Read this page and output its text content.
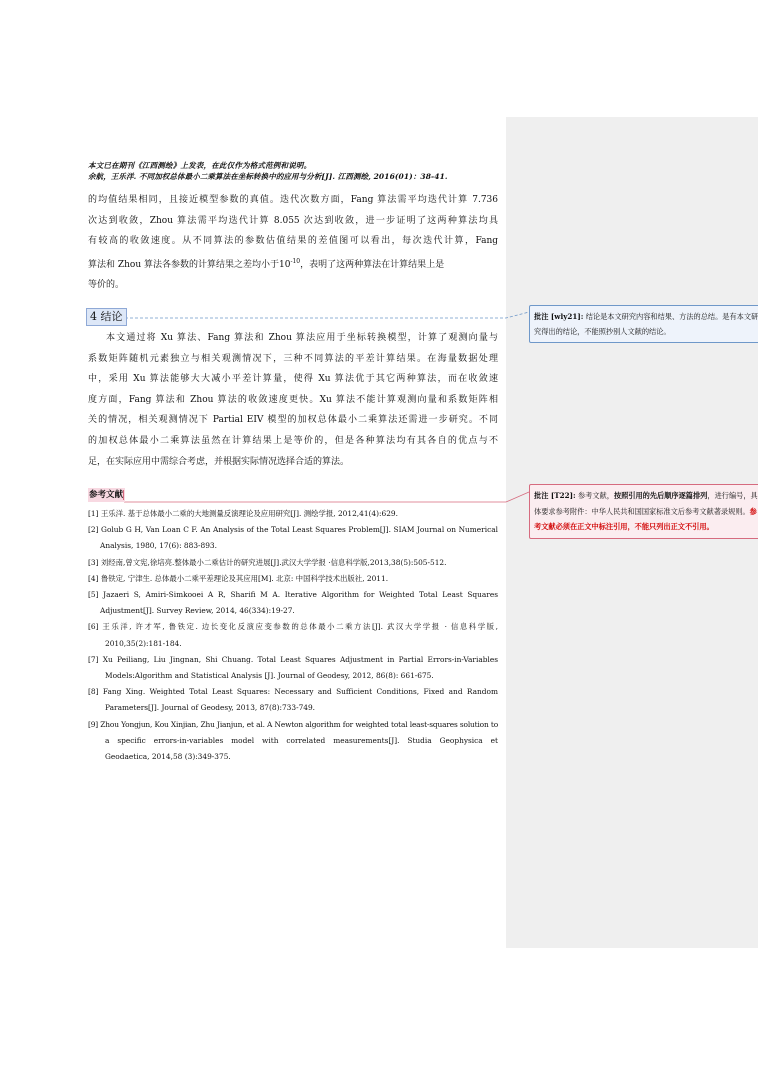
本文已在期刊《江西测绘》上发表，在此仅作为格式范例和说明。
余航，王乐洋. 不同加权总体最小二乘算法在坐标转换中的应用与分析[J]. 江西测绘, 2016(01)：38-41.
的均值结果相同，且接近模型参数的真值。迭代次数方面，Fang 算法需平均迭代计算 7.736
次达到收敛，Zhou 算法需平均迭代计算 8.055 次达到收敛，进一步证明了这两种算法均具
有较高的收敛速度。从不同算法的参数估值结果的差值图可以看出，每次迭代计算，Fang
算法和 Zhou 算法各参数的计算结果之差均小于$10^{-10}$，表明了这两种算法在计算结果上是
等价的。
4 结论
本文通过将 Xu 算法、Fang 算法和 Zhou 算法应用于坐标转换模型，计算了观测向量与
系数矩阵随机元素独立与相关观测情况下，三种不同算法的平差计算结果。在海量数据处理
中，采用 Xu 算法能够大大减小平差计算量，使得 Xu 算法优于其它两种算法，而在收敛速
度方面，Fang 算法和 Zhou 算法的收敛速度更快。Xu 算法不能计算观测向量和系数矩阵相
关的情况，相关观测情况下 Partial EIV 模型的加权总体最小二乘算法还需进一步研究。不同
的加权总体最小二乘算法虽然在计算结果上是等价的，但是各种算法均有其各自的优点与不
足，在实际应用中需综合考虑，并根据实际情况选择合适的算法。
参考文献
[1] 王乐洋. 基于总体最小二乘的大地测量反演理论及应用研究[J]. 测绘学报, 2012,41(4):629.
[2] Golub G H, Van Loan C F. An Analysis of the Total Least Squares Problem[J]. SIAM Journal on Numerical
Analysis, 1980, 17(6): 883-893.
[3] 刘经南,曾文宪,徐培亮.整体最小二乘估计的研究进展[J].武汉大学学报 ·信息科学版,2013,38(5):505-512.
[4] 鲁铁定, 宁津生. 总体最小二乘平差理论及其应用[M]. 北京: 中国科学技术出版社, 2011.
[5] Jazaeri S, Amiri-Simkooei A R, Sharifi M A. Iterative Algorithm for Weighted Total Least Squares
Adjustment[J]. Survey Review, 2014, 46(334):19-27.
[6] 王乐洋, 许才军, 鲁铁定. 边长变化反演应变参数的总体最小二乘方法[J]. 武汉大学学报 · 信息科学版,
2010,35(2):181-184.
[7] Xu Peiliang, Liu Jingnan, Shi Chuang. Total Least Squares Adjustment in Partial Errors-in-Variables
Models:Algorithm and Statistical Analysis [J]. Journal of Geodesy, 2012, 86(8): 661-675.
[8] Fang Xing. Weighted Total Least Squares: Necessary and Sufficient Conditions, Fixed and Random
Parameters[J]. Journal of Geodesy, 2013, 87(8):733-749.
[9] Zhou Yongjun, Kou Xinjian, Zhu Jianjun, et al. A Newton algorithm for weighted total least-squares solution to
a specific errors-in-variables model with correlated measurements[J]. Studia Geophysica et
Geodaetica, 2014,58 (3):349-375.
批注 [wly21]: 结论是本文研究内容和结果、方法的总结。是有本文研究得出的结论，不能照抄别人文献的结论。
批注 [T22]: 参考文献，按照引用的先后顺序逐篇排列，进行编号，具体要求参考附件：中华人民共和国国家标准文后参考文献著录规则。参考文献必须在正文中标注引用，不能只列出正文不引用。
